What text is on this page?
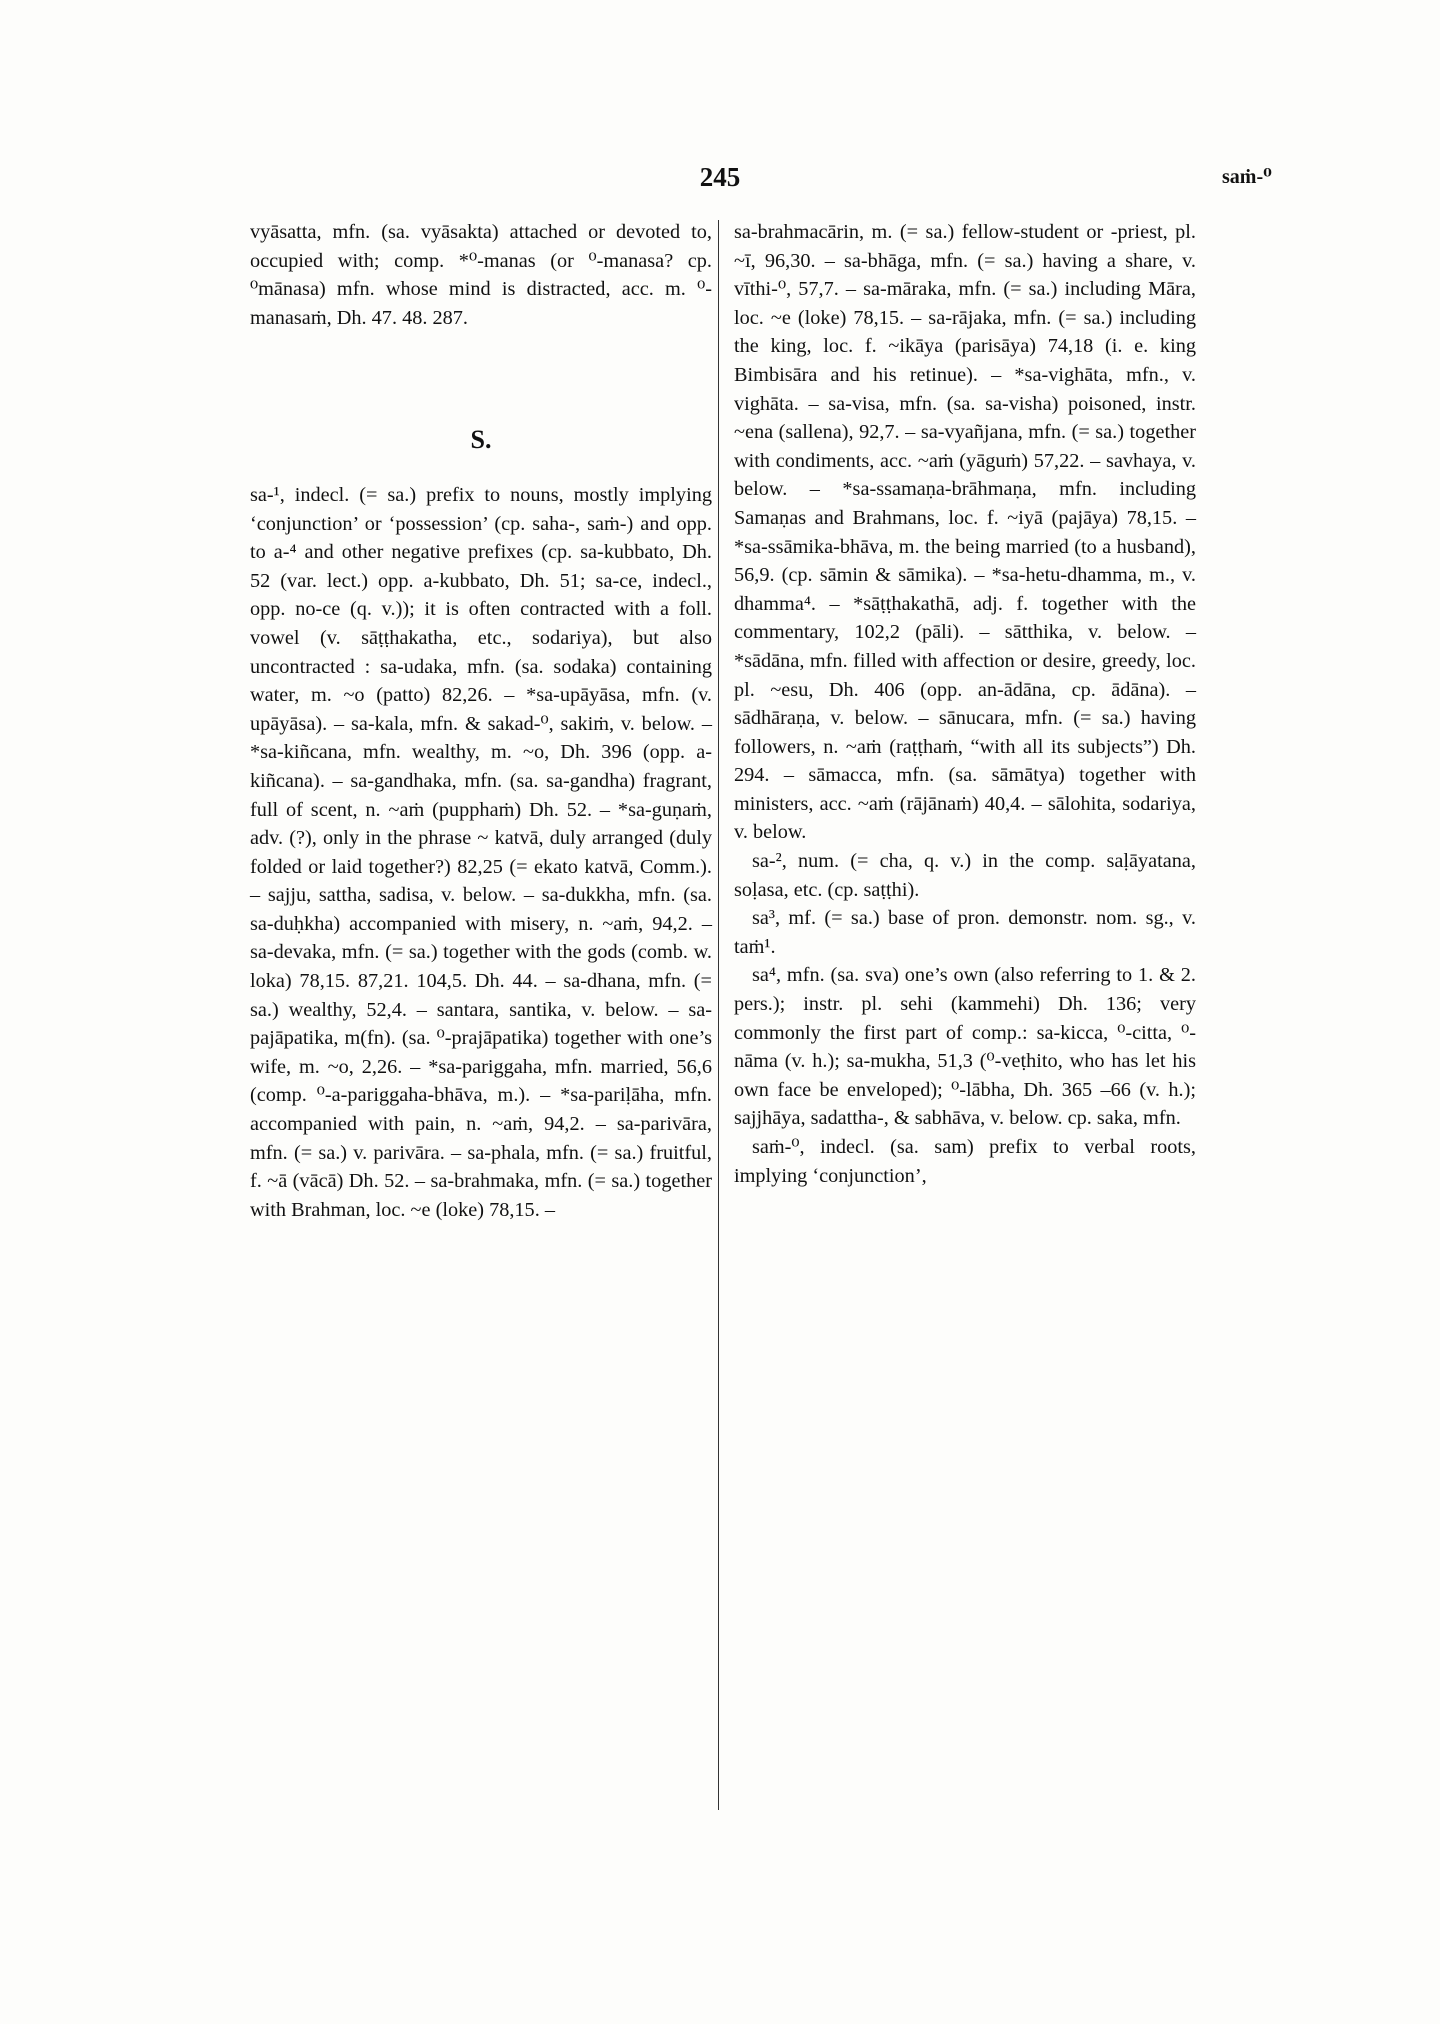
245	saṁ-⁰

vyāsatta, mfn. (sa. vyāsakta) attached or devoted to, occupied with; comp. *⁰-manas (or ⁰-manasa? cp. ⁰mānasa) mfn. whose mind is distracted, acc. m. ⁰-manasaṁ, Dh. 47. 48. 287.

S.

sa-¹, indecl. (= sa.) prefix to nouns, mostly implying ‘conjunction’ or ‘possession’ (cp. saha-, saṁ-) and opp. to a-⁴ and other negative prefixes (cp. sa-kubbato, Dh. 52 (var. lect.) opp. a-kubbato, Dh. 51; sa-ce, indecl., opp. no-ce (q. v.)); it is often contracted with a foll. vowel (v. sāṭṭhakatha, etc., sodariya), but also uncontracted : sa-udaka, mfn. (sa. sodaka) containing water, m. ~o (patto) 82,26. – *sa-upāyāsa, mfn. (v. upāyāsa). – sa-kala, mfn. & sakad-⁰, sakiṁ, v. below. – *sa-kiñcana, mfn. wealthy, m. ~o, Dh. 396 (opp. a-kiñcana). – sa-gandhaka, mfn. (sa. sa-gandha) fragrant, full of scent, n. ~aṁ (pupphaṁ) Dh. 52. – *sa-guṇaṁ, adv. (?), only in the phrase ~ katvā, duly arranged (duly folded or laid together?) 82,25 (= ekato katvā, Comm.). – sajju, sattha, sadisa, v. below. – sa-dukkha, mfn. (sa. sa-duḥkha) accompanied with misery, n. ~aṁ, 94,2. – sa-devaka, mfn. (= sa.) together with the gods (comb. w. loka) 78,15. 87,21. 104,5. Dh. 44. – sa-dhana, mfn. (= sa.) wealthy, 52,4. – santara, santika, v. below. – sa-pajāpatika, m(fn). (sa. ⁰-prajāpatika) together with one’s wife, m. ~o, 2,26. – *sa-pariggaha, mfn. married, 56,6 (comp. ⁰-a-pariggaha-bhāva, m.). – *sa-pariḷāha, mfn. accompanied with pain, n. ~aṁ, 94,2. – sa-parivāra, mfn. (= sa.) v. parivāra. – sa-phala, mfn. (= sa.) fruitful, f. ~ā (vācā) Dh. 52. – sa-brahmaka, mfn. (= sa.) together with Brahman, loc. ~e (loke) 78,15. –

sa-brahmacārin, m. (= sa.) fellow-student or -priest, pl. ~ī, 96,30. – sa-bhāga, mfn. (= sa.) having a share, v. vīthi-⁰, 57,7. – sa-māraka, mfn. (= sa.) including Māra, loc. ~e (loke) 78,15. – sa-rājaka, mfn. (= sa.) including the king, loc. f. ~ikāya (parisāya) 74,18 (i. e. king Bimbisāra and his retinue). – *sa-vighāta, mfn., v. vighāta. – sa-visa, mfn. (sa. sa-visha) poisoned, instr. ~ena (sallena), 92,7. – sa-vyañjana, mfn. (= sa.) together with condiments, acc. ~aṁ (yāguṁ) 57,22. – savhaya, v. below. – *sa-ssamaṇa-brāhmaṇa, mfn. including Samaṇas and Brahmans, loc. f. ~iyā (pajāya) 78,15. – *sa-ssāmika-bhāva, m. the being married (to a husband), 56,9. (cp. sāmin & sāmika). – *sa-hetu-dhamma, m., v. dhamma⁴. – *sāṭṭhakathā, adj. f. together with the commentary, 102,2 (pāli). – sātthika, v. below. – *sādāna, mfn. filled with affection or desire, greedy, loc. pl. ~esu, Dh. 406 (opp. an-ādāna, cp. ādāna). – sādhāraṇa, v. below. – sānucara, mfn. (= sa.) having followers, n. ~aṁ (raṭṭhaṁ, “with all its subjects”) Dh. 294. – sāmacca, mfn. (sa. sāmātya) together with ministers, acc. ~aṁ (rājānaṁ) 40,4. – sālohita, sodariya, v. below.

sa-², num. (= cha, q. v.) in the comp. saḷāyatana, soḷasa, etc. (cp. saṭṭhi).

sa³, mf. (= sa.) base of pron. demonstr. nom. sg., v. taṁ¹.

sa⁴, mfn. (sa. sva) one’s own (also referring to 1. & 2. pers.); instr. pl. sehi (kammehi) Dh. 136; very commonly the first part of comp.: sa-kicca, ⁰-citta, ⁰-nāma (v. h.); sa-mukha, 51,3 (⁰-veṭhito, who has let his own face be enveloped); ⁰-lābha, Dh. 365 –66 (v. h.); sajjhāya, sadattha-, & sabhāva, v. below. cp. saka, mfn.

saṁ-⁰, indecl. (sa. sam) prefix to verbal roots, implying ‘conjunction’,
